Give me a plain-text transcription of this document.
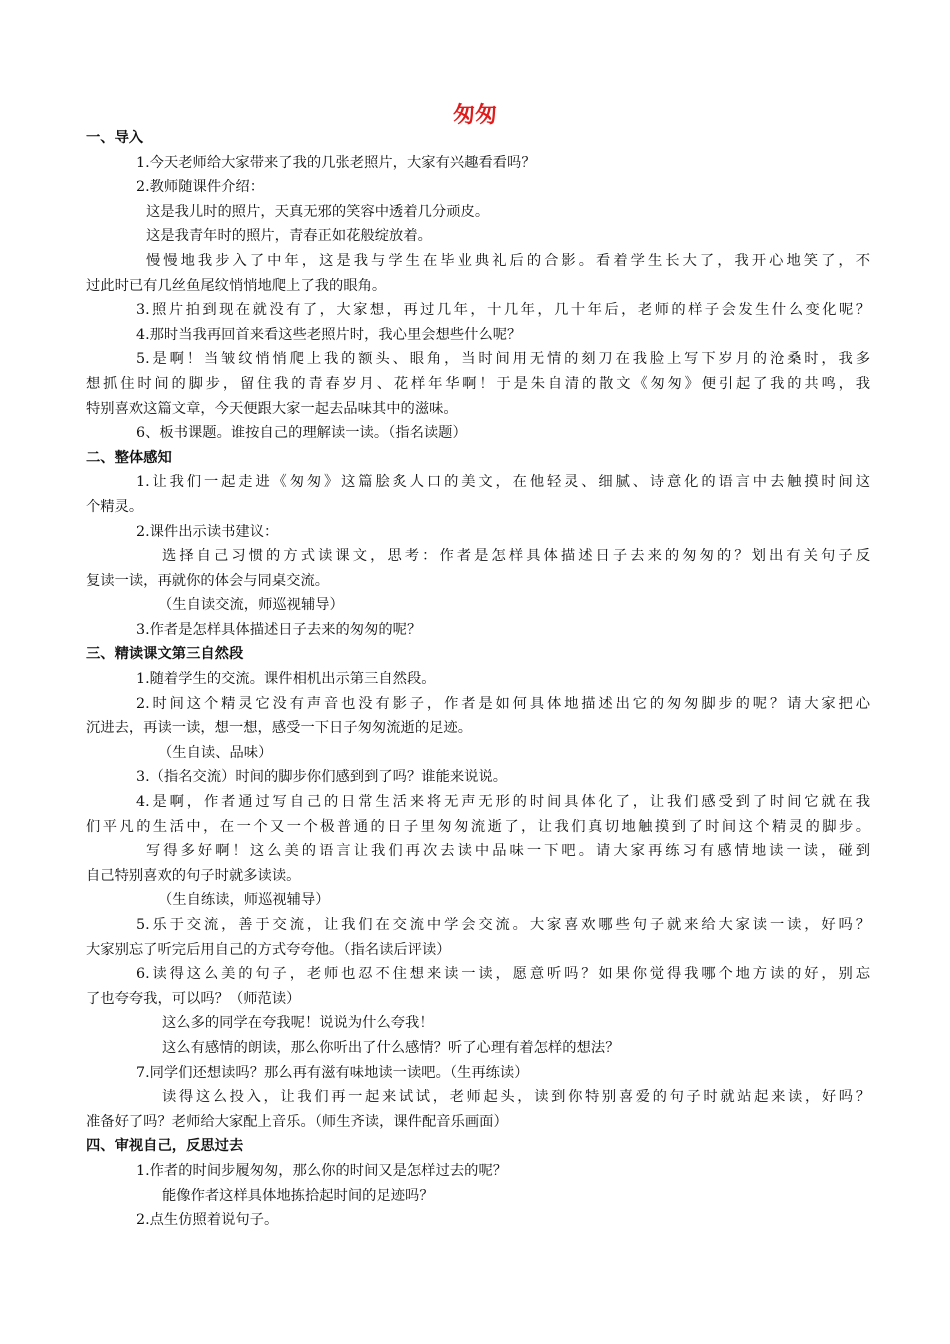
匆匆
一、导入
1.今天老师给大家带来了我的几张老照片，大家有兴趣看看吗？
2.教师随课件介绍：
这是我儿时的照片，天真无邪的笑容中透着几分顽皮。
这是我青年时的照片，青春正如花般绽放着。
慢慢地我步入了中年，这是我与学生在毕业典礼后的合影。看着学生长大了，我开心地笑了，不
过此时已有几丝鱼尾纹悄悄地爬上了我的眼角。
3.照片拍到现在就没有了，大家想，再过几年，十几年，几十年后，老师的样子会发生什么变化呢？
4.那时当我再回首来看这些老照片时，我心里会想些什么呢？
5.是啊！当皱纹悄悄爬上我的额头、眼角，当时间用无情的刻刀在我脸上写下岁月的沧桑时，我多
想抓住时间的脚步，留住我的青春岁月、花样年华啊！于是朱自清的散文《匆匆》便引起了我的共鸣，我
特别喜欢这篇文章，今天便跟大家一起去品味其中的滋味。
6、板书课题。谁按自己的理解读一读。（指名读题）
二、整体感知
1.让我们一起走进《匆匆》这篇脍炙人口的美文，在他轻灵、细腻、诗意化的语言中去触摸时间这
个精灵。
2.课件出示读书建议：
选择自己习惯的方式读课文，思考：作者是怎样具体描述日子去来的匆匆的？划出有关句子反
复读一读，再就你的体会与同桌交流。
（生自读交流，师巡视辅导）
3.作者是怎样具体描述日子去来的匆匆的呢？
三、精读课文第三自然段
1.随着学生的交流。课件相机出示第三自然段。
2.时间这个精灵它没有声音也没有影子，作者是如何具体地描述出它的匆匆脚步的呢？请大家把心
沉进去，再读一读，想一想，感受一下日子匆匆流逝的足迹。
（生自读、品味）
3.（指名交流）时间的脚步你们感到到了吗？谁能来说说。
4.是啊，作者通过写自己的日常生活来将无声无形的时间具体化了，让我们感受到了时间它就在我
们平凡的生活中，在一个又一个极普通的日子里匆匆流逝了，让我们真切地触摸到了时间这个精灵的脚步。
写得多好啊！这么美的语言让我们再次去读中品味一下吧。请大家再练习有感情地读一读，碰到
自己特别喜欢的句子时就多读读。
（生自练读，师巡视辅导）
5.乐于交流，善于交流，让我们在交流中学会交流。大家喜欢哪些句子就来给大家读一读，好吗？
大家别忘了听完后用自己的方式夸夸他。（指名读后评读）
6.读得这么美的句子，老师也忍不住想来读一读，愿意听吗？如果你觉得我哪个地方读的好，别忘
了也夸夸我，可以吗？（师范读）
这么多的同学在夸我呢！说说为什么夸我！
这么有感情的朗读，那么你听出了什么感情？听了心理有着怎样的想法？
7.同学们还想读吗？那么再有滋有味地读一读吧。（生再练读）
读得这么投入，让我们再一起来试试，老师起头，读到你特别喜爱的句子时就站起来读，好吗？
准备好了吗？老师给大家配上音乐。（师生齐读，课件配音乐画面）
四、审视自己，反思过去
1.作者的时间步履匆匆，那么你的时间又是怎样过去的呢？
能像作者这样具体地拣拾起时间的足迹吗？
2.点生仿照着说句子。
